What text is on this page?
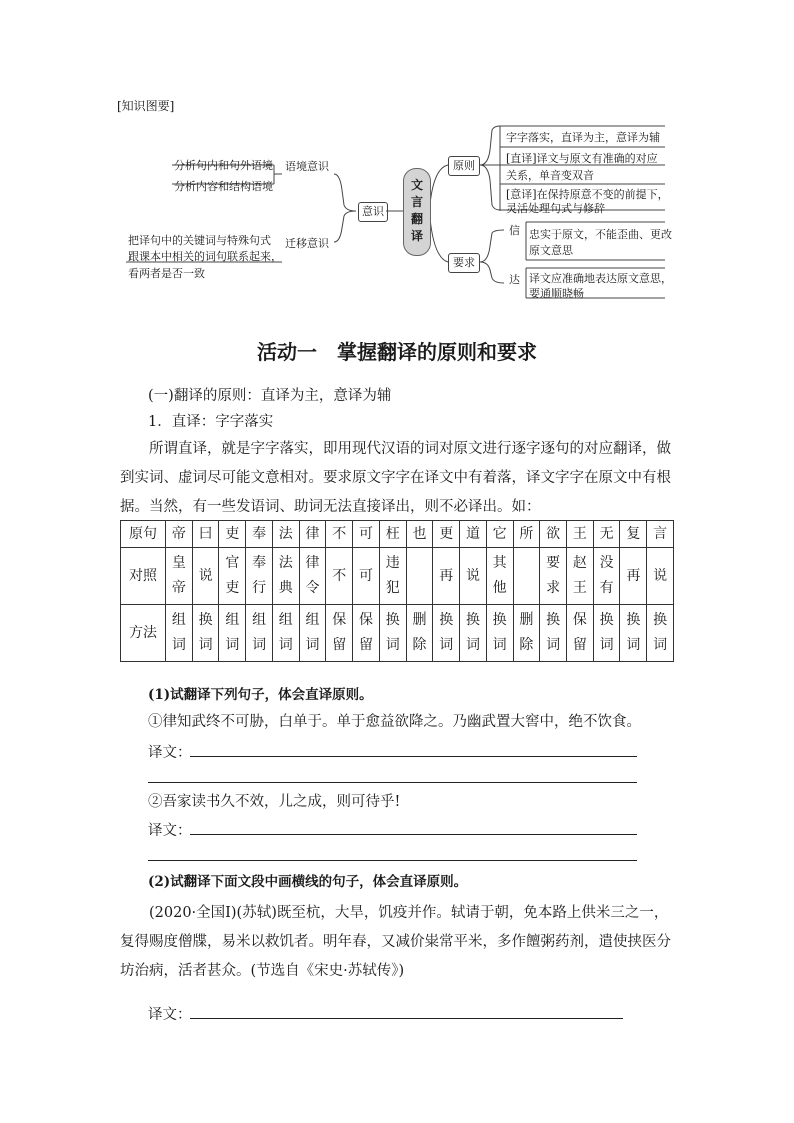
[知识图要]
分析句内和句外语境
分析内容和结构语境
语境意识
把译句中的关键词与特殊句式
跟课本中相关的词句联系起来，
看两者是否一致
迁移意识
意识
文言翻译
原则
字字落实，直译为主，意译为辅
[直译]译文与原文有准确的对应
关系，单音变双音
[意译]在保持原意不变的前提下，
灵活处理句式与修辞
要求
信 忠实于原文，不能歪曲、更改
原文意思
达 译文应准确地表达原文意思，
要通顺晓畅
活动一　掌握翻译的原则和要求
(一)翻译的原则：直译为主，意译为辅
1．直译：字字落实
所谓直译，就是字字落实，即用现代汉语的词对原文进行逐字逐句的对应翻译，做到实词、虚词尽可能文意相对。要求原文字字在译文中有着落，译文字字在原文中有根据。当然，有一些发语词、助词无法直接译出，则不必译出。如：
原句	帝	曰	吏	奉	法	律	不	可	枉	也	更	道	它	所	欲	王	无	复	言
对照	皇帝	说	官吏	奉行	法典	律令	不	可	违犯		再	说	其他		要求	赵王	没有	再	说
方法	组词	换词	组词	组词	组词	组词	保留	保留	换词	删除	换词	换词	换词	删除	换词	保留	换词	换词	换词
(1)试翻译下列句子，体会直译原则。
①律知武终不可胁，白单于。单于愈益欲降之。乃幽武置大窖中，绝不饮食。
译文：
②吾家读书久不效，儿之成，则可待乎!
译文：
(2)试翻译下面文段中画横线的句子，体会直译原则。
(2020·全国Ⅰ)(苏轼)既至杭，大旱，饥疫并作。轼请于朝，免本路上供米三之一，复得赐度僧牒，易米以救饥者。明年春，又减价粜常平米，多作饘粥药剂，遣使挟医分坊治病，活者甚众。(节选自《宋史·苏轼传》)
译文：
